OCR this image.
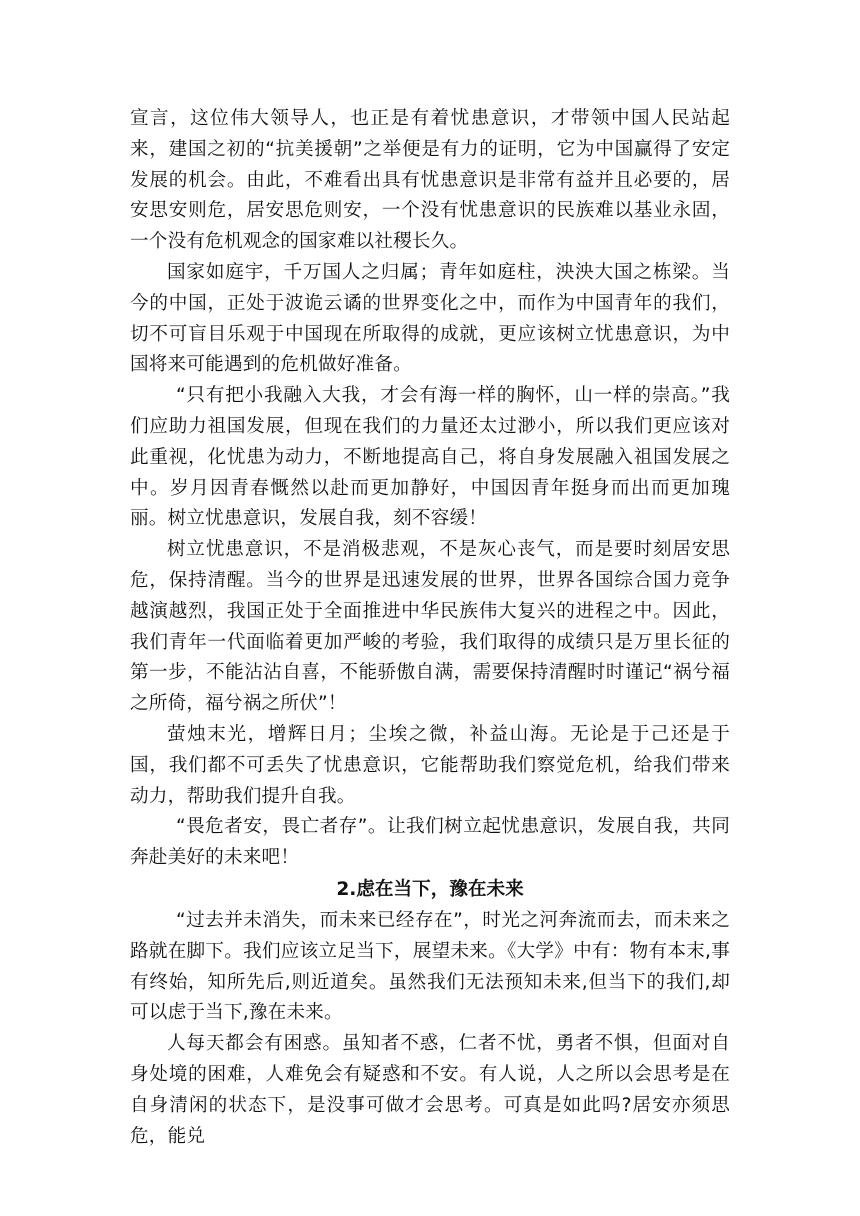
宣言，这位伟大领导人，也正是有着忧患意识，才带领中国人民站起来，建国之初的“抗美援朝”之举便是有力的证明，它为中国赢得了安定发展的机会。由此，不难看出具有忧患意识是非常有益并且必要的，居安思安则危，居安思危则安，一个没有忧患意识的民族难以基业永固，一个没有危机观念的国家难以社稷长久。

国家如庭宇，千万国人之归属；青年如庭柱，泱泱大国之栋梁。当今的中国，正处于波诡云谲的世界变化之中，而作为中国青年的我们，切不可盲目乐观于中国现在所取得的成就，更应该树立忧患意识，为中国将来可能遇到的危机做好准备。

“只有把小我融入大我，才会有海一样的胸怀，山一样的崇高。”我们应助力祖国发展，但现在我们的力量还太过渺小，所以我们更应该对此重视，化忧患为动力，不断地提高自己，将自身发展融入祖国发展之中。岁月因青春慨然以赴而更加静好，中国因青年挺身而出而更加瑰丽。树立忧患意识，发展自我，刻不容缓！

树立忧患意识，不是消极悲观，不是灰心丧气，而是要时刻居安思危，保持清醒。当今的世界是迅速发展的世界，世界各国综合国力竞争越演越烈，我国正处于全面推进中华民族伟大复兴的进程之中。因此，我们青年一代面临着更加严峻的考验，我们取得的成绩只是万里长征的第一步，不能沾沾自喜，不能骄傲自满，需要保持清醒时时谨记“祸兮福之所倚，福兮祸之所伏”！

萤烛末光，增辉日月；尘埃之微，补益山海。无论是于己还是于国，我们都不可丢失了忧患意识，它能帮助我们察觉危机，给我们带来动力，帮助我们提升自我。

“畏危者安，畏亡者存”。让我们树立起忧患意识，发展自我，共同奔赴美好的未来吧！

2.虑在当下，豫在未来

“过去并未消失，而未来已经存在”，时光之河奔流而去，而未来之路就在脚下。我们应该立足当下，展望未来。《大学》中有：物有本末,事有终始，知所先后,则近道矣。虽然我们无法预知未来,但当下的我们,却可以虑于当下,豫在未来。

人每天都会有困惑。虽知者不惑，仁者不忧，勇者不惧，但面对自身处境的困难，人难免会有疑惑和不安。有人说，人之所以会思考是在自身清闲的状态下，是没事可做才会思考。可真是如此吗?居安亦须思危，能兑
